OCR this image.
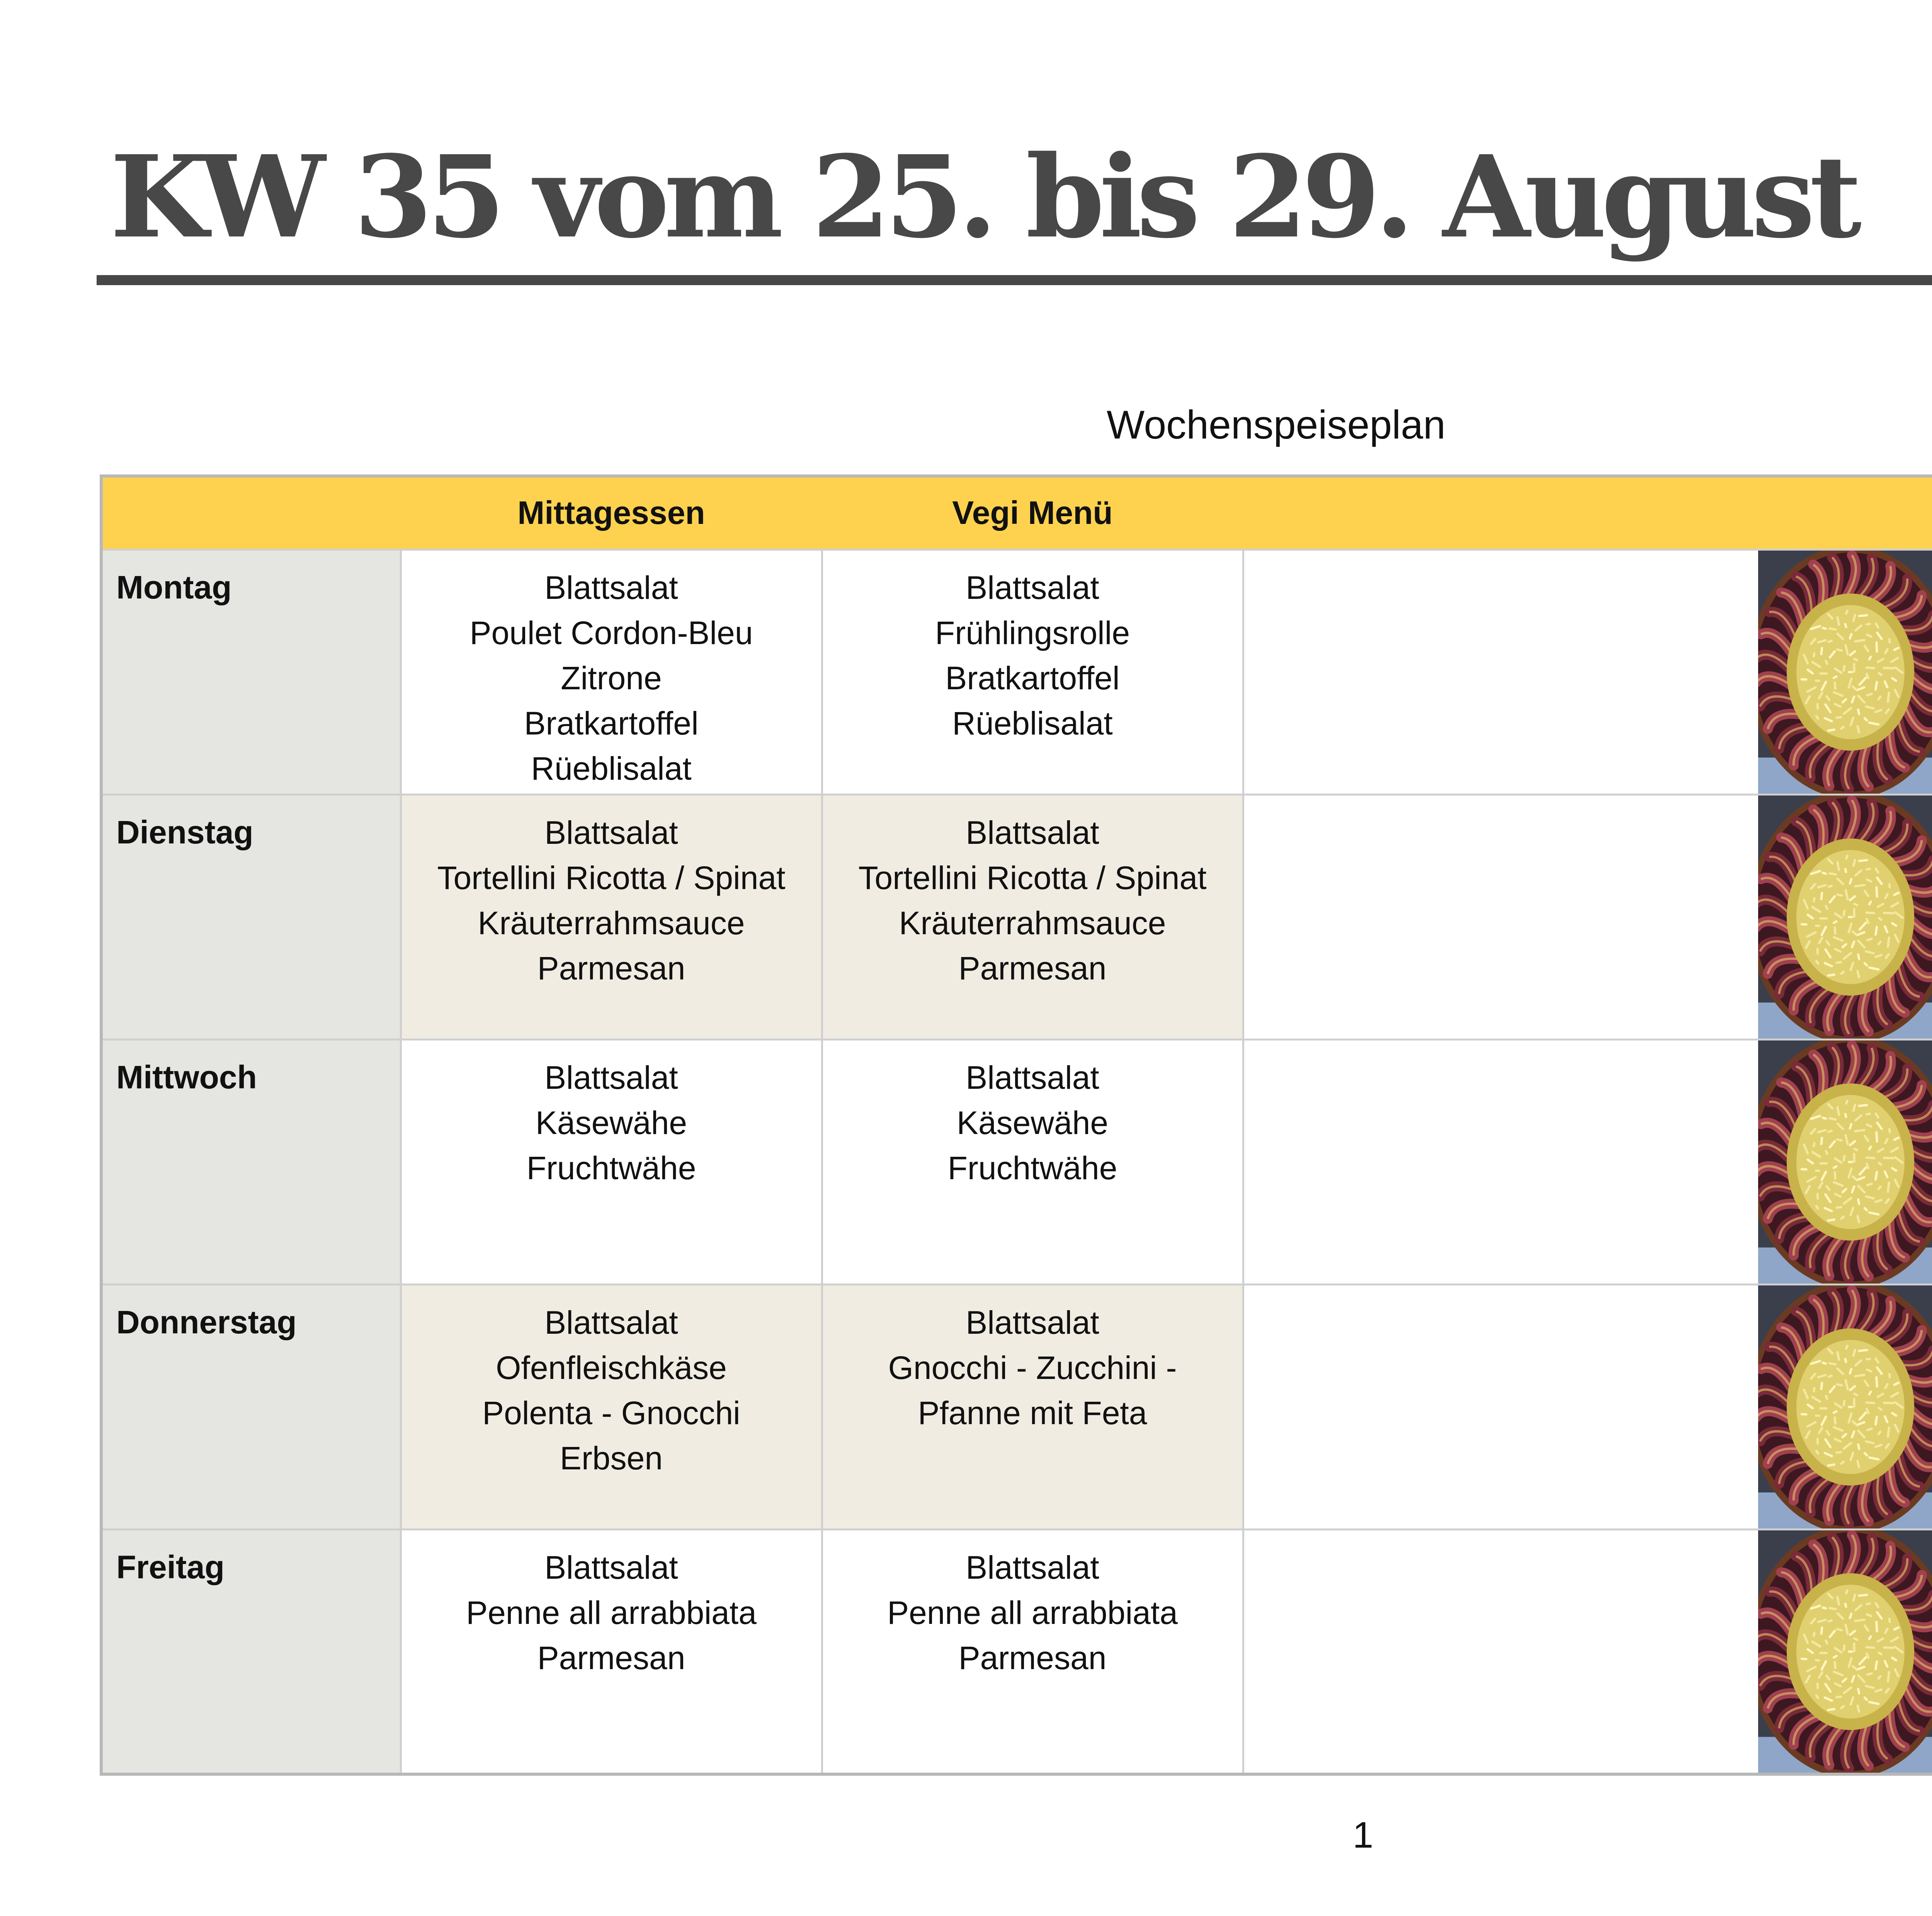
KW 35 vom 25. bis 29. August
Wochenspeiseplan
	Mittagessen	Vegi Menü	
Montag	Blattsalat
Poulet Cordon-Bleu
Zitrone
Bratkartoffel
Rüeblisalat	Blattsalat
Frühlingsrolle
Bratkartoffel
Rüeblisalat

Dienstag	Blattsalat
Tortellini Ricotta / Spinat
Kräuterrahmsauce
Parmesan	Blattsalat
Tortellini Ricotta / Spinat
Kräuterrahmsauce
Parmesan

Mittwoch	Blattsalat
Käsewähe
Fruchtwähe	Blattsalat
Käsewähe
Fruchtwähe

Donnerstag	Blattsalat
Ofenfleischkäse
Polenta - Gnocchi
Erbsen	Blattsalat
Gnocchi - Zucchini -
Pfanne mit Feta

Freitag	Blattsalat
Penne all arrabbiata
Parmesan	Blattsalat
Penne all arrabbiata
Parmesan

1
